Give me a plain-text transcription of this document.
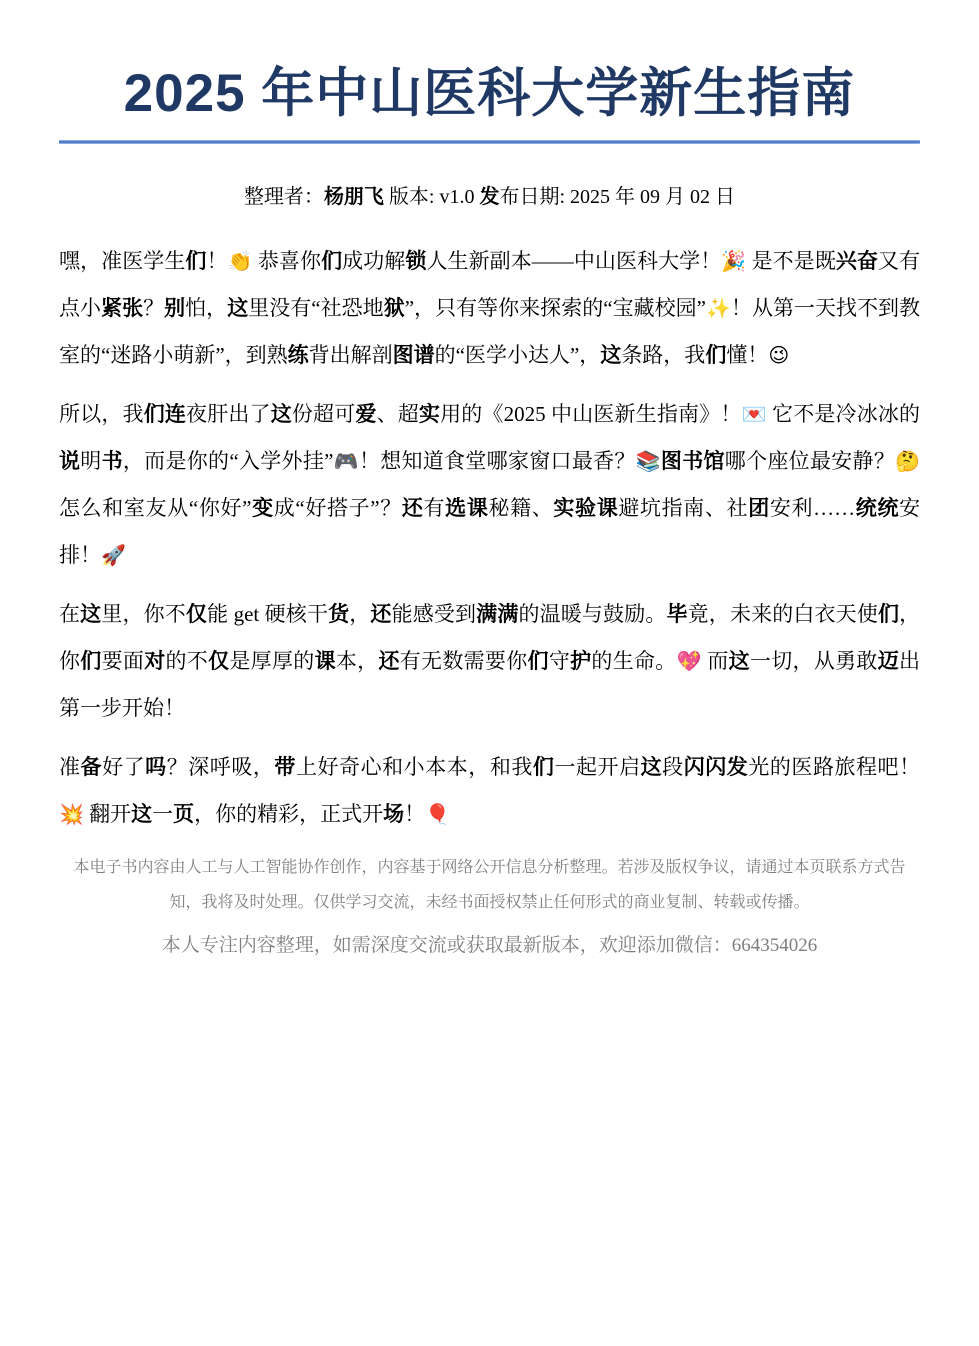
2025 年中山医科大学新生指南

整理者：杨朋飞 版本: v1.0 发布日期: 2025 年 09 月 02 日

嘿，准医学生们！👏 恭喜你们成功解锁人生新副本——中山医科大学！🎉 是不是既兴奋又有点小紧张？别怕，这里没有“社恐地狱”，只有等你来探索的“宝藏校园”✨！从第一天找不到教室的“迷路小萌新”，到熟练背出解剖图谱的“医学小达人”，这条路，我们懂！😉

所以，我们连夜肝出了这份超可爱、超实用的《2025 中山医新生指南》！💌 它不是冷冰冰的说明书，而是你的“入学外挂”🎮！想知道食堂哪家窗口最香？📚图书馆哪个座位最安静？🤔怎么和室友从“你好”变成“好搭子”？还有选课秘籍、实验课避坑指南、社团安利……统统安排！🚀

在这里，你不仅能 get 硬核干货，还能感受到满满的温暖与鼓励。毕竟，未来的白衣天使们，你们要面对的不仅是厚厚的课本，还有无数需要你们守护的生命。💖 而这一切，从勇敢迈出第一步开始！

准备好了吗？深呼吸，带上好奇心和小本本，和我们一起开启这段闪闪发光的医路旅程吧！💥 翻开这一页，你的精彩，正式开场！🎈

本电子书内容由人工与人工智能协作创作，内容基于网络公开信息分析整理。若涉及版权争议，请通过本页联系方式告知，我将及时处理。仅供学习交流，未经书面授权禁止任何形式的商业复制、转载或传播。

本人专注内容整理，如需深度交流或获取最新版本，欢迎添加微信：664354026
